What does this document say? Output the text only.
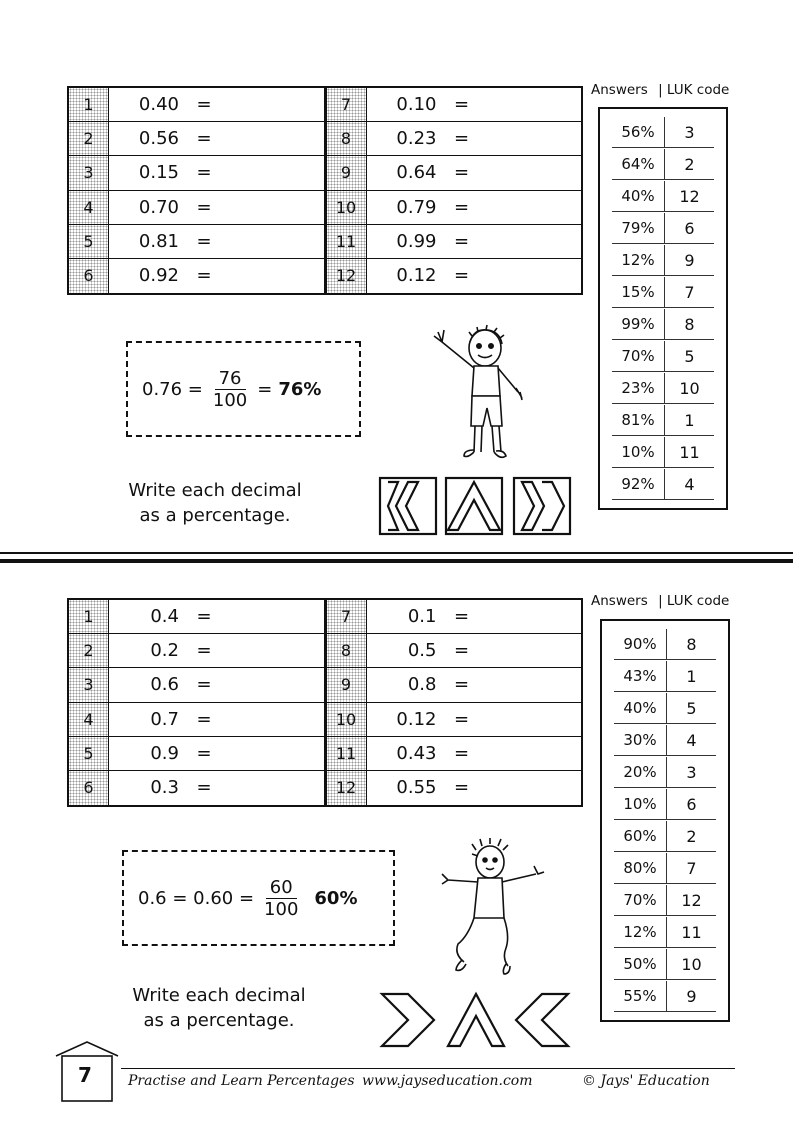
1	0.40 =
2	0.56 =
3	0.15 =
4	0.70 =
5	0.81 =
6	0.92 =
7	0.10 =
8	0.23 =
9	0.64 =
10	0.79 =
11	0.99 =
12	0.12 =
Answers | LUK code
56%	3
64%	2
40%	12
79%	6
12%	9
15%	7
99%	8
70%	5
23%	10
81%	1
10%	11
92%	4
$0.76 = \frac{76}{100} = 76\%$
Write each decimal
as a percentage.
1	0.4 =
2	0.2 =
3	0.6 =
4	0.7 =
5	0.9 =
6	0.3 =
7	0.1 =
8	0.5 =
9	0.8 =
10	0.12 =
11	0.43 =
12	0.55 =
Answers | LUK code
90%	8
43%	1
40%	5
30%	4
20%	3
10%	6
60%	2
80%	7
70%	12
12%	11
50%	10
55%	9
$0.6 = 0.60 = \frac{60}{100} 60\%$
Write each decimal
as a percentage.
7	Practise and Learn Percentages www.jayseducation.com	© Jays' Education
